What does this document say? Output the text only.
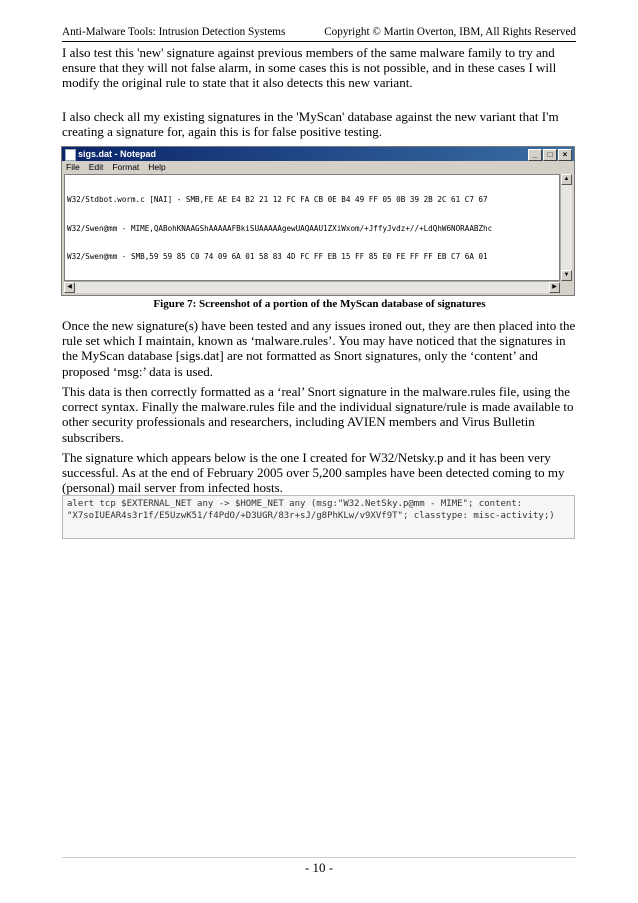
Anti-Malware Tools: Intrusion Detection Systems	Copyright © Martin Overton, IBM, All Rights Reserved

I also test this 'new' signature against previous members of the same malware family to try and ensure that they will not false alarm, in some cases this is not possible, and in these cases I will modify the original rule to state that it also detects this new variant.

I also check all my existing signatures in the 'MyScan' database against the new variant that I'm creating a signature for, again this is for false positive testing.

sigs.dat - Notepad	_	□	×
File Edit Format Help

W32/Stdbot.worm.c [NAI] - SMB,FE AE E4 B2 21 12 FC FA CB 0E B4 49 FF 05 0B 39 2B 2C 61 C7 67

W32/Swen@mm - MIME,QABohKNAAGShAAAAAFBkiSUAAAAAgewUAQAAU1ZXiWxom/+JffyJvdz+//+LdQhW6NORAABZhc

W32/Swen@mm - SMB,59 59 85 C0 74 09 6A 01 58 83 4D FC FF EB 15 FF 85 E0 FE FF FF EB C7 6A 01

▲
▼
◀	▶
Figure 7: Screenshot of a portion of the MyScan database of signatures

Once the new signature(s) have been tested and any issues ironed out, they are then placed into the rule set which I maintain, known as ‘malware.rules’. You may have noticed that the signatures in the MyScan database [sigs.dat] are not formatted as Snort signatures, only the ‘content’ and proposed ‘msg:’ data is used.

This data is then correctly formatted as a ‘real’ Snort signature in the malware.rules file, using the correct syntax. Finally the malware.rules file and the individual signature/rule is made available to other security professionals and researchers, including AVIEN members and Virus Bulletin subscribers.

The signature which appears below is the one I created for W32/Netsky.p and it has been very successful. As at the end of February 2005 over 5,200 samples have been detected coming to my (personal) mail server from infected hosts.

alert tcp $EXTERNAL_NET any -> $HOME_NET any (msg:"W32.NetSky.p@mm - MIME"; content: "X7soIUEAR4s3r1f/E5UzwK51/f4PdO/+D3UGR/83r+sJ/g8PhKLw/v9XVf9T"; classtype: misc-activity;)
- 10 -
